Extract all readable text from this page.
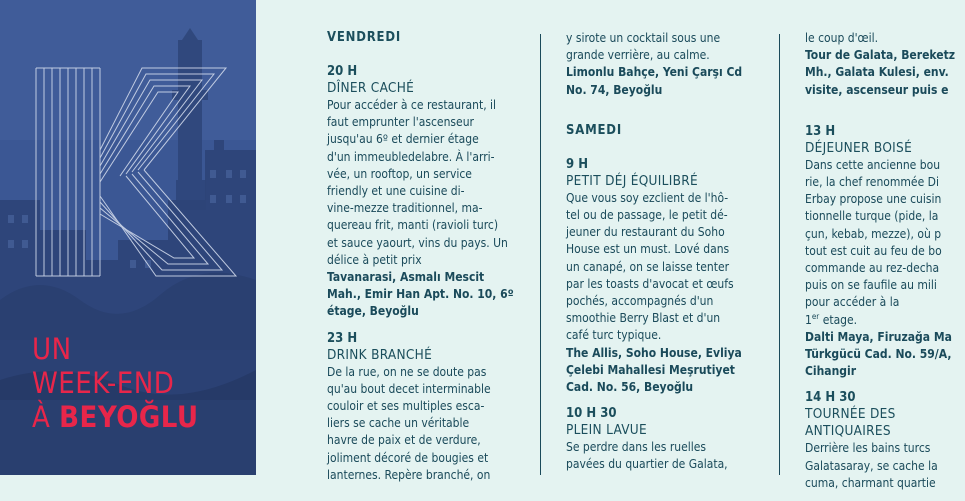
UN
WEEK-END
À BEYOĞLU

VENDREDI

20 H

DÎNER CACHÉ

Pour accéder à ce restaurant, il
faut emprunter l'ascenseur
jusqu'au 6º et dernier étage
d'un immeubledelabre. À l'arri-
vée, un rooftop, un service
friendly et une cuisine di-
vine-mezze traditionnel, ma-
quereau frit, manti (ravioli turc)
et sauce yaourt, vins du pays. Un
délice à petit prix

Tavanarasi, Asmalı Mescit
Mah., Emir Han Apt. No. 10, 6º
étage, Beyoğlu

23 H

DRINK BRANCHÉ

De la rue, on ne se doute pas
qu'au bout decet interminable
couloir et ses multiples esca-
liers se cache un véritable
havre de paix et de verdure,
joliment décoré de bougies et
lanternes. Repère branché, on

y sirote un cocktail sous une
grande verrière, au calme.

Limonlu Bahçe, Yeni Çarşı Cd
No. 74, Beyoğlu

SAMEDI

9 H

PETIT DÉJ ÉQUILIBRÉ

Que vous soy ezclient de l'hô-
tel ou de passage, le petit dé-
jeuner du restaurant du Soho
House est un must. Lové dans
un canapé, on se laisse tenter
par les toasts d'avocat et œufs
pochés, accompagnés d'un
smoothie Berry Blast et d'un
café turc typique.

The Allis, Soho House, Evliya
Çelebi Mahallesi Meşrutiyet
Cad. No. 56, Beyoğlu

10 H 30

PLEIN LAVUE

Se perdre dans les ruelles
pavées du quartier de Galata,

le coup d'œil.

Tour de Galata, Bereketz
Mh., Galata Kulesi, env.
visite, ascenseur puis e

13 H

DÉJEUNER BOISÉ

Dans cette ancienne bou
rie, la chef renommée Di
Erbay propose une cuisin
tionnelle turque (pide, la
çun, kebab, mezze), où p
tout est cuit au feu de bo
commande au rez-decha
puis on se faufile au mili
pour accéder à la
1er etage.

Dalti Maya, Firuzağa Ma
Türkgücü Cad. No. 59/A,
Cihangir

14 H 30

TOURNÉE DES
ANTIQUAIRES

Derrière les bains turcs
Galatasaray, se cache la
cuma, charmant quartie
